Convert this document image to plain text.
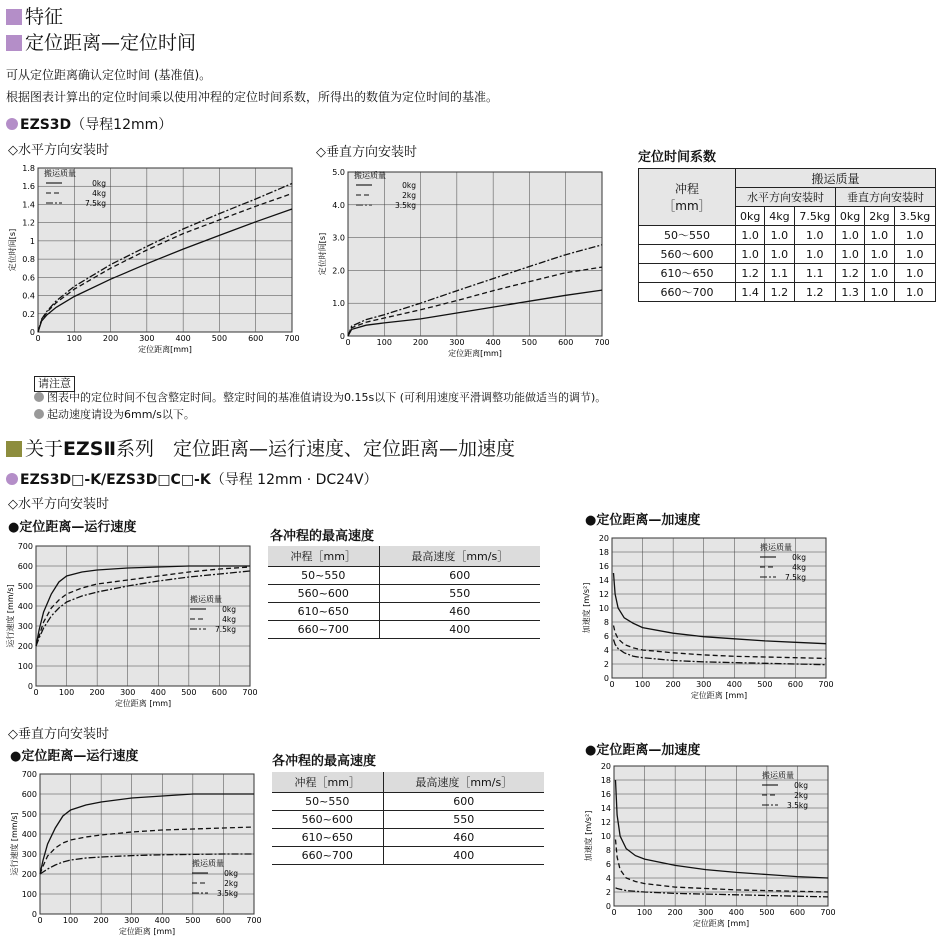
特征
定位距离—定位时间
可从定位距离确认定位时间 (基准值)。
根据图表计算出的定位时间乘以使用冲程的定位时间系数，所得出的数值为定位时间的基准。
EZS3D（导程12mm）
◇水平方向安装时	◇垂直方向安装时
0	100	200	300	400	500	600	700
0
0.2
0.4
0.6
0.8
1
1.2
1.4
1.6
1.8
定位距离[mm]
定位时间[s]
搬运质量
0kg
4kg
7.5kg
0	100	200	300	400	500	600	700
0
1.0
2.0
3.0
4.0
5.0
定位距离[mm]
定位时间[s]
搬运质量
0kg
2kg
3.5kg
定位时间系数
冲程
［mm］	搬运质量					
	水平方向安装时			垂直方向安装时		
	0kg	4kg	7.5kg	0kg	2kg	3.5kg
50～550	1.0	1.0	1.0	1.0	1.0	1.0
560～600	1.0	1.0	1.0	1.0	1.0	1.0
610～650	1.2	1.1	1.1	1.2	1.0	1.0
660～700	1.4	1.2	1.2	1.3	1.0	1.0
请注意
图表中的定位时间不包含整定时间。整定时间的基准值请设为0.15s以下 (可利用速度平滑调整功能做适当的调节)。
起动速度请设为6mm/s以下。
关于EZSⅡ系列　定位距离—运行速度、定位距离—加速度
EZS3D□-K/EZS3D□C□-K（导程 12mm · DC24V）
◇水平方向安装时
●定位距离—运行速度	●定位距离—加速度
0	100 200 300 400 500 600 700
0
100
200
300
400
500
600
700
定位距离 [mm]
运行速度 [mm/s]	搬运质量
0kg
4kg
7.5kg
0	100 200 300 400 500 600 700
0
2
4
6
8
10
12
14
16
18
20
定位距离 [mm]
加速度 [m/s²]
搬运质量
0kg
4kg
7.5kg
各冲程的最高速度
冲程［mm］	最高速度［mm/s］
50~550	600
560~600	550
610~650	460
660~700	400
◇垂直方向安装时
●定位距离—运行速度	●定位距离—加速度
0	100 200 300 400 500 600 700
0
100
200
300
400
500
600
700
定位距离 [mm]
运行速度 [mm/s]	搬运质量
0kg
2kg
3.5kg
0	100 200 300 400 500 600 700
0
2
4
6
8
10
12
14
16
18
20
定位距离 [mm]
加速度 [m/s²]
搬运质量
0kg
2kg
3.5kg
各冲程的最高速度
冲程［mm］	最高速度［mm/s］
50~550	600
560~600	550
610~650	460
660~700	400
